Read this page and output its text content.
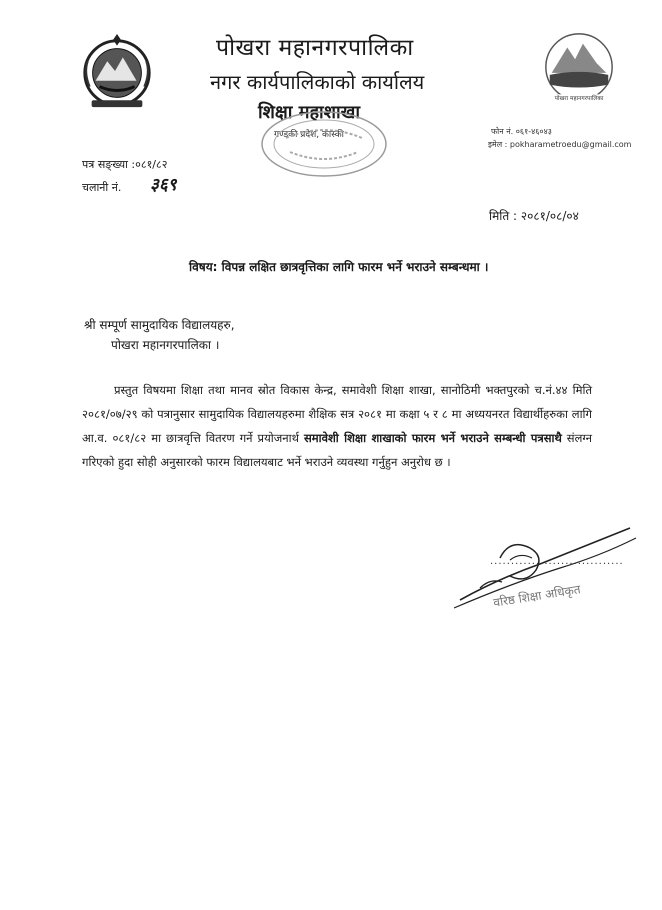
पोखरा महानगरपालिका
नगर कार्यपालिकाको कार्यालय
शिक्षा महाशाखा
गण्डकी प्रदेश, कास्की
पोखरा महानगरपालिका
फोन नं. ०६१-४६०४३
इमेल : pokharametroedu@gmail.com
पत्र सङ्ख्या :०८१/८२
चलानी नं. ३६९
मिति : २०८१/०८/०४
विषय: विपन्न लक्षित छात्रवृत्तिका लागि फारम भर्ने भराउने सम्बन्धमा ।
श्री सम्पूर्ण सामुदायिक विद्यालयहरु,
पोखरा महानगरपालिका ।
प्रस्तुत विषयमा शिक्षा तथा मानव स्रोत विकास केन्द्र, समावेशी शिक्षा शाखा, सानोठिमी भक्तपुरको च.नं.४४ मिति २०८१/०७/२९ को पत्रानुसार सामुदायिक विद्यालयहरुमा शैक्षिक सत्र २०८१ मा कक्षा ५ र ८ मा अध्ययनरत विद्यार्थीहरुका लागि आ.व. ०८१/८२ मा छात्रवृत्ति वितरण गर्ने प्रयोजनार्थ समावेशी शिक्षा शाखाको फारम भर्ने भराउने सम्बन्धी पत्रसाथै संलग्न गरिएको हुदा सोही अनुसारको फारम विद्यालयबाट भर्ने भराउने व्यवस्था गर्नुहुन अनुरोध छ ।
................................
वरिष्ठ शिक्षा अधिकृत
